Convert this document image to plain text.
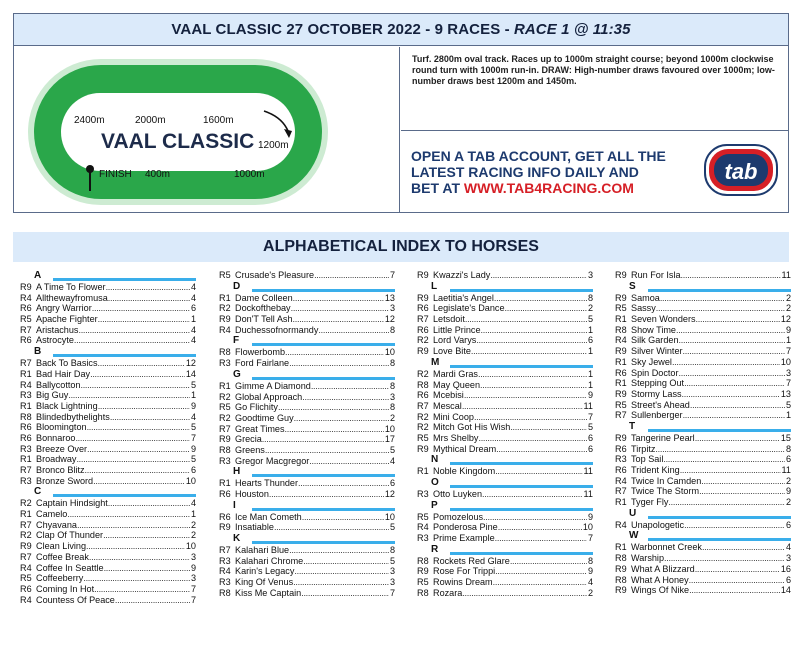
VAAL CLASSIC 27 OCTOBER 2022 - 9 RACES - RACE 1 @ 11:35
VAAL CLASSIC
2400m	2000m	1600m
1200m
400m	1000m
FINISH
Turf. 2800m oval track. Races up to 1000m straight course; beyond 1000m clockwise round turn with 1000m run-in. DRAW: High-number draws favoured over 1000m; low-number draws best 1200m and 1450m.
OPEN A TAB ACCOUNT, GET ALL THE
LATEST RACING INFO DAILY AND
BET AT WWW.TAB4RACING.COM
tab
ALPHABETICAL INDEX TO HORSES
A
R9 A Time To Flower .....	4
R4 Allthewayfromusa .....	4
R6 Angry Warrior .....	6
R5 Apache Fighter .....	1
R7 Aristachus .....	4
R6 Astrocyte .....	4
B
R7 Back To Basics .....	12
R1 Bad Hair Day .....	14
R4 Ballycotton .....	5
R3 Big Guy .....	1
R1 Black Lightning .....	9
R8 Blindedbythelights .....	4
R6 Bloomington .....	5
R6 Bonnaroo .....	7
R3 Breeze Over .....	9
R1 Broadway .....	5
R7 Bronco Blitz .....	6
R3 Bronze Sword .....	10
C
R2 Captain Hindsight .....	4
R1 Camelo .....	1
R7 Chyavana .....	2
R2 Clap Of Thunder .....	2
R9 Clean Living .....	10
R7 Coffee Break .....	3
R4 Coffee In Seattle .....	9
R5 Coffeeberry .....	3
R6 Coming In Hot .....	7
R4 Countess Of Peace .....	7
R5 Crusade's Pleasure .....	7
D
R1 Dame Colleen .....	13
R2 Dockofthebay .....	3
R9 Don'T Tell Ash .....	12
R4 Duchessofnormandy .....	8
F
R8 Flowerbomb .....	10
R3 Ford Fairlane .....	8
G
R1 Gimme A Diamond .....	8
R2 Global Approach .....	3
R5 Go Flichity .....	8
R2 Goodtime Guy .....	2
R7 Great Times .....	10
R9 Grecia .....	17
R8 Greens .....	5
R3 Gregor Macgregor .....	4
H
R1 Hearts Thunder .....	6
R6 Houston .....	12
I
R6 Ice Man Cometh .....	10
R9 Insatiable .....	5
K
R7 Kalahari Blue .....	8
R3 Kalahari Chrome .....	5
R4 Karin's Legacy .....	3
R3 King Of Venus .....	3
R8 Kiss Me Captain .....	7
R9 Kwazzi's Lady .....	3
L
R9 Laetitia's Angel .....	8
R6 Legislate's Dance .....	2
R7 Letsdoit .....	5
R6 Little Prince .....	1
R2 Lord Varys .....	6
R9 Love Bite .....	1
M
R2 Mardi Gras .....	1
R8 May Queen .....	1
R6 Mcebisi .....	9
R7 Mescal .....	11
R2 Mini Coop .....	7
R2 Mitch Got His Wish .....	5
R5 Mrs Shelby .....	6
R9 Mythical Dream .....	6
N
R1 Noble Kingdom .....	11
O
R3 Otto Luyken .....	11
P
R5 Pomozelous .....	9
R4 Ponderosa Pine .....	10
R3 Prime Example .....	7
R
R8 Rockets Red Glare .....	8
R9 Rose For Trippi .....	9
R5 Rowins Dream .....	4
R8 Rozara .....	2
R9 Run For Isla .....	11
S
R9 Samoa .....	2
R5 Sassy .....	2
R1 Seven Wonders .....	12
R8 Show Time .....	9
R4 Silk Garden .....	1
R9 Silver Winter .....	7
R1 Sky Jewel .....	10
R6 Spin Doctor .....	3
R1 Stepping Out .....	7
R9 Stormy Lass .....	13
R5 Street's Ahead .....	5
R7 Sullenberger .....	1
T
R9 Tangerine Pearl .....	15
R6 Tirpitz .....	8
R3 Top Sail .....	6
R6 Trident King .....	11
R4 Twice In Camden .....	2
R7 Twice The Storm .....	9
R1 Tyger Fly .....	2
U
R4 Unapologetic .....	6
W
R1 Warbonnet Creek .....	4
R8 Warship .....	3
R9 What A Blizzard .....	16
R8 What A Honey .....	6
R9 Wings Of Nike .....	14
